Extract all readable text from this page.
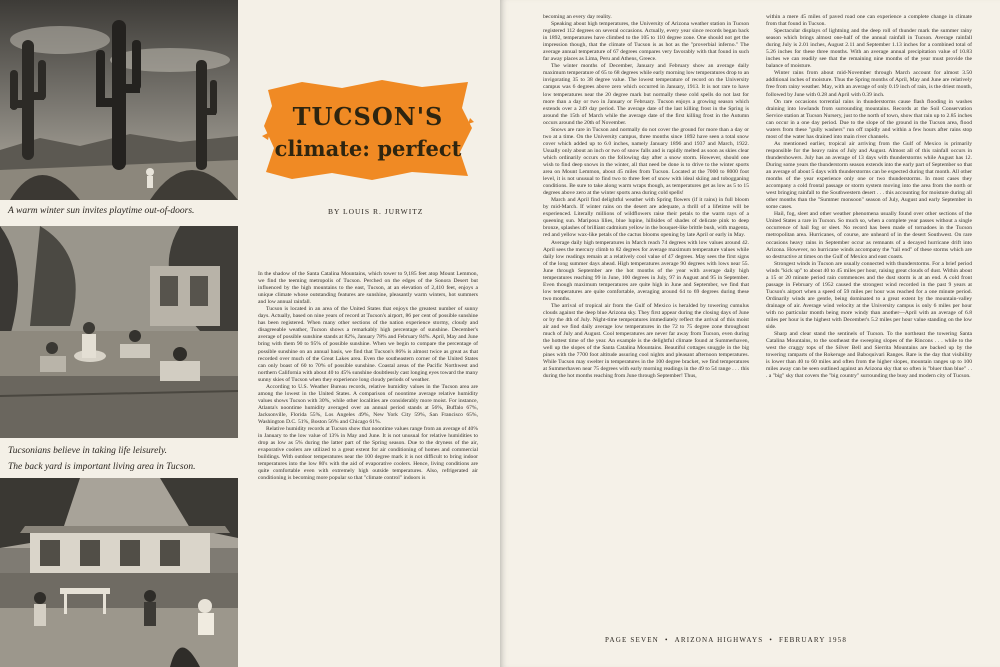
A warm winter sun invites playtime out-of-doors.
Tucsonians believe in taking life leisurely.
The back yard is important living area in Tucson.
TUCSON'S
climate: perfect
BY LOUIS R. JURWITZ

In the shadow of the Santa Catalina Mountains, which tower to 9,185 feet atop Mount Lemmon, we find the teeming metropolis of Tucson. Perched on the edges of the Sonora Desert but influenced by the high mountains to the east, Tucson, at an elevation of 2,410 feet, enjoys a unique climate whose outstanding features are sunshine, pleasantly warm winters, hot summers and low annual rainfall.

Tucson is located in an area of the United States that enjoys the greatest number of sunny days. Actually, based on nine years of record at Tucson's airport, 86 per cent of possible sunshine has been registered. When many other sections of the nation experience stormy, cloudy and disagreeable weather, Tucson shows a remarkably high percentage of sunshine. December's average of possible sunshine stands at 82%, January 78% and February 84%. April, May and June bring with them 90 to 95% of possible sunshine. When we begin to compare the percentage of possible sunshine on an annual basis, we find that Tucson's 86% is almost twice as great as that recorded over much of the Great Lakes area. Even the southeastern corner of the United States can only boast of 60 to 70% of possible sunshine. Coastal areas of the Pacific Northwest and northern California with about 40 to 45% sunshine doubtlessly cast longing eyes toward the many sunny skies of Tucson when they experience long cloudy periods of weather.

According to U.S. Weather Bureau records, relative humidity values in the Tucson area are among the lowest in the United States. A comparison of noontime average relative humidity values shows Tucson with 30%, while other localities are considerably more moist. For instance, Atlanta's noontime humidity averaged over an annual period stands at 56%, Buffalo 67%, Jacksonville, Florida 55%, Los Angeles 49%, New York City 59%, San Francisco 65%, Washington D.C. 51%, Boston 56% and Chicago 61%.

Relative humidity records at Tucson show that noontime values range from an average of 40% in January to the low value of 13% in May and June. It is not unusual for relative humidities to drop as low as 5% during the latter part of the Spring season. Due to the dryness of the air, evaporative coolers are utilized to a great extent for air conditioning of homes and commercial buildings. With outdoor temperatures near the 100 degree mark it is not difficult to bring indoor temperatures into the low 80's with the aid of evaporative coolers. Hence, living conditions are quite comfortable even with extremely high outside temperatures. Also, refrigerated air conditioning is becoming more popular so that "climate control" indoors is

becoming an every day reality.

Speaking about high temperatures, the University of Arizona weather station in Tucson registered 112 degrees on several occasions. Actually, every year since records began back in 1892, temperatures have climbed to the 105 to 110 degree zone. One should not get the impression though, that the climate of Tucson is as hot as the "proverbial inferno." The average annual temperature of 67 degrees compares very favorably with that found in such far away places as Lima, Peru and Athens, Greece.

The winter months of December, January and February show an average daily maximum temperature of 65 to 68 degrees while early morning low temperatures drop to an invigorating 35 to 38 degree value. The lowest temperature of record on the University campus was 6 degrees above zero which occurred in January, 1913. It is not rare to have low temperatures near the 20 degree mark but normally these cold spells do not last for more than a day or two in January or February. Tucson enjoys a growing season which extends over a 249 day period. The average date of the last killing frost in the Spring is around the 15th of March while the average date of the first killing frost in the Autumn occurs around the 20th of November.

Snows are rare in Tucson and normally do not cover the ground for more than a day or two at a time. On the University campus, three months since 1892 have seen a total snow cover which added up to 6.0 inches, namely January 1896 and 1937 and March, 1922. Usually only about an inch or two of snow falls and is rapidly melted as soon as skies clear which ordinarily occurs on the following day after a snow storm. However, should one wish to find deep snows in the winter, all that need be done is to drive to the winter sports area on Mount Lemmon, about 45 miles from Tucson. Located at the 7000 to 8000 foot level, it is not unusual to find two to three feet of snow with ideal skiing and tobogganing conditions. Be sure to take along warm wraps though, as temperatures get as low as 5 to 15 degrees above zero at the winter sports area during cold spells!

March and April find delightful weather with Spring flowers (if it rains) in full bloom by mid-March. If winter rains on the desert are adequate, a thrill of a lifetime will be experienced. Literally millions of wildflowers raise their petals to the warm rays of a queening sun. Mariposa lilies, blue lupine, hillsides of shades of delicate pink to deep bronze, splashes of brilliant cadmium yellow in the bouquet-like brittle bush, with magenta, red and yellow wax-like petals of the cactus blooms opening by late April or early in May.

Average daily high temperatures in March reach 74 degrees with low values around 42. April sees the mercury climb to 82 degrees for average maximum temperature values while daily low readings remain at a relatively cool value of 47 degrees. May sees the first signs of the long summer days ahead. High temperatures average 90 degrees with lows near 55. June through September are the hot months of the year with average daily high temperatures reaching 99 in June, 100 degrees in July, 97 in August and 95 in September. Even though maximum temperatures are quite high in June and September, we find that low temperatures are quite comfortable, averaging around 64 to 69 degrees during these two months.

The arrival of tropical air from the Gulf of Mexico is heralded by towering cumulus clouds against the deep blue Arizona sky. They first appear during the closing days of June or by the 4th of July. Night-time temperatures immediately reflect the arrival of this moist air and we find daily average low temperatures in the 72 to 75 degree zone throughout much of July and August. Cool temperatures are never far away from Tucson, even during the hottest time of the year. An example is the delightful climate found at Summerhaven, well up the slopes of the Santa Catalina Mountains. Beautiful cottages snuggle in the big pines with the 7700 foot altitude assuring cool nights and pleasant afternoon temperatures. While Tucson may swelter in temperatures in the 100 degree bracket, we find temperatures at Summerhaven near 75 degrees with early morning readings in the 49 to 54 range . . . this during the hot months reaching from June through September! Thus,

within a mere 45 miles of paved road one can experience a complete change in climate from that found in Tucson.

Spectacular displays of lightning and the deep roll of thunder mark the summer rainy season which brings almost one-half of the annual rainfall in Tucson. Average rainfall during July is 2.01 inches, August 2.11 and September 1.13 inches for a combined total of 5.26 inches for these three months. With an average annual precipitation value of 10.83 inches we can readily see that the remaining nine months of the year must provide the balance of moisture.

Winter rains from about mid-November through March account for almost 3.50 additional inches of moisture. Thus the Spring months of April, May and June are relatively free from rainy weather. May, with an average of only 0.19 inch of rain, is the driest month, followed by June with 0.28 and April with 0.39 inch.

On rare occasions torrential rains in thunderstorms cause flash flooding in washes draining into lowlands from surrounding mountains. Records at the Soil Conservation Service station at Tucson Nursery, just to the north of town, show that rain up to 2.85 inches can occur in a one day period. Due to the slope of the ground in the Tucson area, flood waters from these "gully washers" run off rapidly and within a few hours after rains stop most of the water has drained into main river channels.

As mentioned earlier, tropical air arriving from the Gulf of Mexico is primarily responsible for the heavy rains of July and August. Almost all of this rainfall occurs in thundershowers. July has an average of 13 days with thunderstorms while August has 12. During some years the thunderstorm season extends into the early part of September so that an average of about 5 days with thunderstorms can be expected during that month. All other months of the year experience only one or two thunderstorms. In most cases they accompany a cold frontal passage or storm system moving into the area from the north or west bringing rainfall to the Southwestern desert . . . this accounting for moisture during all other months than the "Summer monsoon" season of July, August and early September in some cases.

Hail, fog, sleet and other weather phenomena usually found over other sections of the United States a rare in Tucson. So much so, when a complete year passes without a single occurrence of hail fog or sleet. No record has been made of tornadoes in the Tucson metropolitan area. Hurricanes, of course, are unheard of in the desert Southwest. On rare occasions heavy rains in September occur as remnants of a decayed hurricane drift into Arizona. However, no hurricane winds accompany the "tail end" of these storms which are so destructive at times on the Gulf of Mexico and east coasts.

Strongest winds in Tucson are usually connected with thunderstorms. For a brief period winds "kick up" to about 40 to 45 miles per hour, raising great clouds of dust. Within about a 15 or 20 minute period rain commences and the dust storm is at an end. A cold front passage in February of 1952 caused the strongest wind recorded in the past 9 years at Tucson's airport when a speed of 59 miles per hour was reached for a one minute period. Ordinarily winds are gentle, being dominated to a great extent by the mountain-valley drainage of air. Average wind velocity at the University campus is only 6 miles per hour with no particular month being more windy than another—April with an average of 6.8 miles per hour is the highest with December's 5.2 miles per hour value standing on the low side.

Sharp and clear stand the sentinels of Tucson. To the northeast the towering Santa Catalina Mountains, to the southeast the sweeping slopes of the Rincons . . . while to the west the craggy tops of the Silver Bell and Sierrita Mountains are backed up by the towering ramparts of the Rokeruge and Baboquivari Ranges. Rare is the day that visibility is lower than 40 to 60 miles and often from the higher slopes, mountain ranges up to 100 miles away can be seen outlined against an Arizona sky that so often is "bluer than blue" . . . a "big" sky that covers the "big country" surrounding the busy and modern city of Tucson.

PAGE SEVEN • ARIZONA HIGHWAYS • FEBRUARY 1958
